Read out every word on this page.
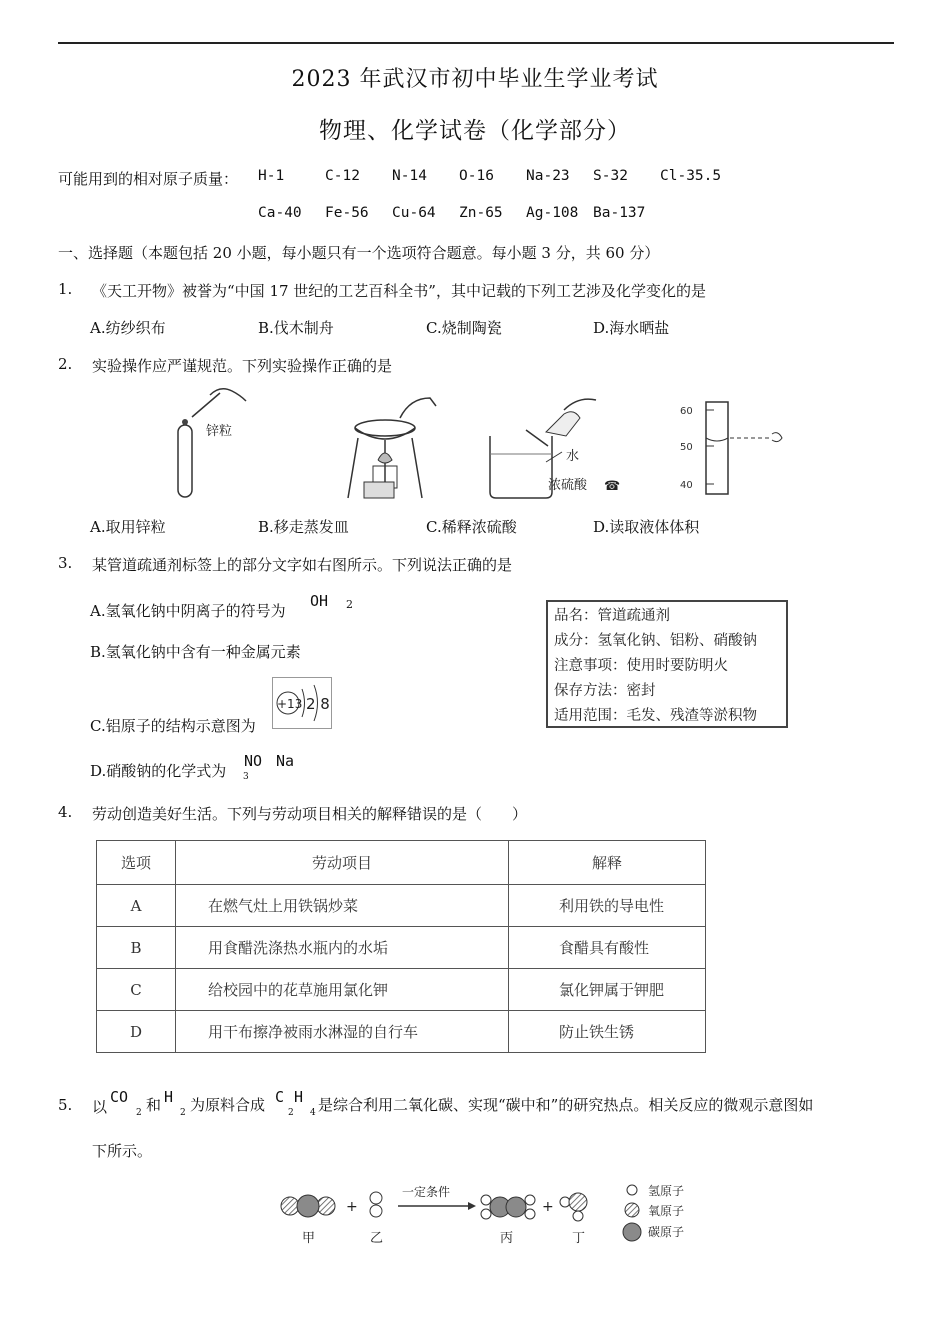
2023 年武汉市初中毕业生学业考试
物理、化学试卷（化学部分）
可能用到的相对原子质量： H-1	C-12 N-14 O-16 Na-23 S-32 Cl-35.5
Ca-40 Fe-56 Cu-64 Zn-65 Ag-108 Ba-137
一、选择题（本题包括 20 小题，每小题只有一个选项符合题意。每小题 3 分，共 60 分）
1. 《天工开物》被誉为“中国 17 世纪的工艺百科全书”，其中记载的下列工艺涉及化学变化的是
A.纺纱织布	B.伐木制舟	C.烧制陶瓷	D.海水晒盐
2. 实验操作应严谨规范。下列实验操作正确的是
锌粒
水
浓硫酸 ☎
60
50
40
A.取用锌粒	B.移走蒸发皿	C.稀释浓硫酸	D.读取液体体积
3. 某管道疏通剂标签上的部分文字如右图所示。下列说法正确的是
A.氢氧化钠中阴离子的符号为
OH 2
B.氢氧化钠中含有一种金属元素
C.铝原子的结构示意图为
+13 2 8
D.硝酸钠的化学式为
NO
3
Na
品名：管道疏通剂
成分：氢氧化钠、铝粉、硝酸钠
注意事项：使用时要防明火
保存方法：密封
适用范围：毛发、残渣等淤积物
4. 劳动创造美好生活。下列与劳动项目相关的解释错误的是（　　）
选项	劳动项目	解释
A	在燃气灶上用铁锅炒菜	利用铁的导电性
B	用食醋洗涤热水瓶内的水垢	食醋具有酸性
C	给校园中的花草施用氯化钾	氯化钾属于钾肥
D	用干布擦净被雨水淋湿的自行车	防止铁生锈
5. 以
CO
2 和 H
2 为原料合成 C
2
H
4 是综合利用二氧化碳、实现“碳中和”的研究热点。相关反应的微观示意图如
下所示。
甲
+
乙
一定条件
丙
+
丁
氢原子
氧原子
碳原子
